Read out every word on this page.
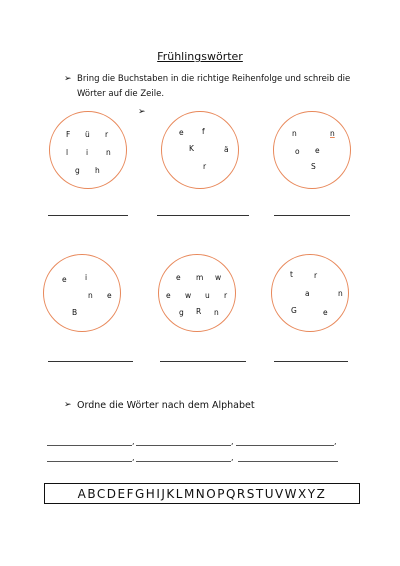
Frühlingswörter
➢ Bring die Buchstaben in die richtige Reihenfolge und schreib die Wörter auf die Zeile.
➢
F ü r
l i n
g h
e f
K	ä
r
n	n
o e
S
e i
n e
B
e m w
e w u r
g R n
t	r
a	n
G	e
➢ Ordne die Wörter nach dem Alphabet
,	,	,
,	,
ABCDEFGHIJKLMNOPQRSTUVWXYZ
